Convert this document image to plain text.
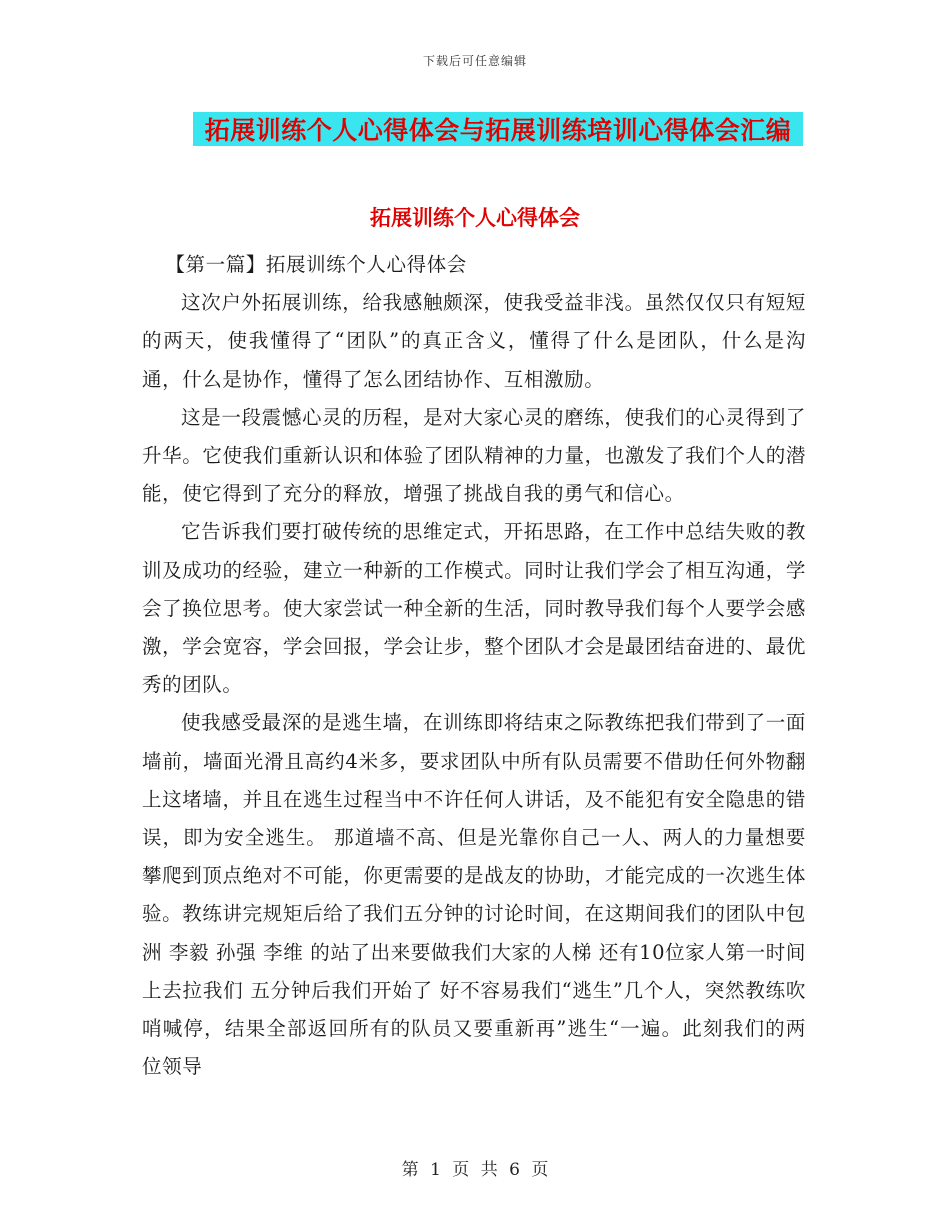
下载后可任意编辑
拓展训练个人心得体会与拓展训练培训心得体会汇编
拓展训练个人心得体会

【第一篇】拓展训练个人心得体会

这次户外拓展训练，给我感触颇深，使我受益非浅。虽然仅仅只有短短的两天，使我懂得了“团队”的真正含义，懂得了什么是团队，什么是沟通，什么是协作，懂得了怎么团结协作、互相激励。

这是一段震憾心灵的历程，是对大家心灵的磨练，使我们的心灵得到了升华。它使我们重新认识和体验了团队精神的力量，也激发了我们个人的潜能，使它得到了充分的释放，增强了挑战自我的勇气和信心。

它告诉我们要打破传统的思维定式，开拓思路，在工作中总结失败的教训及成功的经验，建立一种新的工作模式。同时让我们学会了相互沟通，学会了换位思考。使大家尝试一种全新的生活，同时教导我们每个人要学会感激，学会宽容，学会回报，学会让步，整个团队才会是最团结奋进的、最优秀的团队。

使我感受最深的是逃生墙，在训练即将结束之际教练把我们带到了一面墙前，墙面光滑且高约4米多，要求团队中所有队员需要不借助任何外物翻上这堵墙，并且在逃生过程当中不许任何人讲话，及不能犯有安全隐患的错误，即为安全逃生。 那道墙不高、但是光靠你自己一人、两人的力量想要攀爬到顶点绝对不可能，你更需要的是战友的协助，才能完成的一次逃生体验。教练讲完规矩后给了我们五分钟的讨论时间，在这期间我们的团队中包洲 李毅 孙强 李维 的站了出来要做我们大家的人梯 还有10位家人第一时间上去拉我们 五分钟后我们开始了 好不容易我们“逃生”几个人，突然教练吹哨喊停，结果全部返回所有的队员又要重新再”逃生“一遍。此刻我们的两位领导

第 1 页 共 6 页
